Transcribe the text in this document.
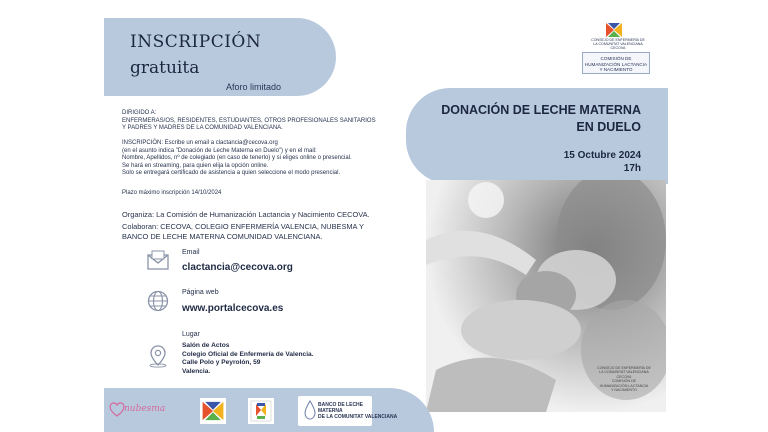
INSCRIPCIÓN
gratuita
Aforo limitado
DIRIGIDO A:
ENFERMERAS/OS, RESIDENTES, ESTUDIANTES, OTROS PROFESIONALES SANITARIOS
Y PADRES Y MADRES DE LA COMUNIDAD VALENCIANA.
INSCRIPCIÓN: Escribe un email a clactancia@cecova.org
(en el asunto indica "Donación de Leche Materna en Duelo") y en el mail:
Nombre, Apellidos, nº de colegiado (en caso de tenerlo) y si eliges online o presencial.
Se hará en streaming, para quien elija la opción online.
Solo se entregará certificado de asistencia a quien seleccione el modo presencial.
Plazo máximo inscripción 14/10/2024
Organiza: La Comisión de Humanización Lactancia y Nacimiento CECOVA.
Colaboran: CECOVA, COLEGIO ENFERMERÍA VALENCIA, NUBESMA Y
BANCO DE LECHE MATERNA COMUNIDAD VALENCIANA.
Email
clactancia@cecova.org
Página web
www.portalcecova.es
Lugar
Salón de Actos
Colegio Oficial de Enfermería de Valencia.
Calle Polo y Peyrolón, 59
Valencia.
CONSEJO DE ENFERMERÍA DE
LA COMUNITAT VALENCIANA
CECOVA
COMISIÓN DE
HUMANIZACIÓN LACTANCIA
Y NACIMIENTO
DONACIÓN DE LECHE MATERNA
EN DUELO
15 Octubre 2024
17h
CONSEJO DE ENFERMERÍA DE
LA COMUNITAT VALENCIANA
CECOVA
COMISIÓN DE
HUMANIZACIÓN LACTANCIA
Y NACIMIENTO
nubesma	BANCO DE LECHE
MATERNA
DE LA COMUNITAT VALENCIANA
